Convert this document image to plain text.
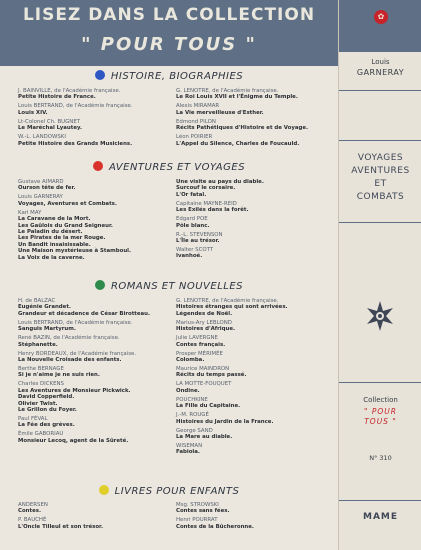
LISEZ DANS LA COLLECTION
" POUR TOUS "
HISTOIRE, BIOGRAPHIES
J. BAINVILLE, de l'Académie française.
Petite Histoire de France.
Louis BERTRAND, de l'Académie française.
Louis XIV.
Lt-Colonel Ch. BUGNET
Le Maréchal Lyautey.
W.-L. LANDOWSKI
Petite Histoire des Grands Musiciens.
G. LENOTRE, de l'Académie française.
Le Roi Louis XVII et l'Énigme du Temple.
Alexis MIRAMAR
La Vie merveilleuse d'Esther.
Edmond PILON
Récits Pathétiques d'Histoire et de Voyage.
Léon POIRIER
L'Appel du Silence, Charles de Foucauld.
AVENTURES ET VOYAGES
Gustave AIMARD
Ourson tête de fer.
Louis GARNERAY
Voyages, Aventures et Combats.
Karl MAY
La Caravane de la Mort.
Les Gaûlois du Grand Seigneur.
Le Paladin du désert.
Les Pirates de la mer Rouge.
Un Bandit insaisissable.
Une Maison mystérieuse à Stamboul.
La Voix de la caverne.
Une visite au pays du diable.
Surcouf le corsaire.
L'Or fatal.
Capitaine MAYNE-REID
Les Exilés dans la forêt.
Edgard POE
Pôle blanc.
R.-L. STEVENSON
L'Île au trésor.
Walter SCOTT
Ivanhoé.
ROMANS ET NOUVELLES
H. de BALZAC
Eugénie Grandet.
Grandeur et décadence de César Birotteau.
Louis BERTRAND, de l'Académie française.
Sanguis Martyrum.
René BAZIN, de l'Académie française.
Stéphanette.
Henry BORDEAUX, de l'Académie française.
La Nouvelle Croisade des enfants.
Berthe BERNAGE
Si je n'aime je ne suis rien.
Charles DICKENS
Les Aventures de Monsieur Pickwick.
David Copperfield.
Olivier Twist.
Le Grillon du Foyer.
Paul FÉVAL
La Fée des grèves.
Émile GABORIAU
Monsieur Lecoq, agent de la Sûreté.
G. LENOTRE, de l'Académie française.
Histoires étranges qui sont arrivées.
Légendes de Noël.
Marius-Ary LEBLOND
Histoires d'Afrique.
Julie LAVERGNE
Contes français.
Prosper MÉRIMÉE
Colomba.
Maurice MAINDRON
Récits du temps passé.
LA MOTTE-FOUQUET
Ondine.
POUCHKINE
La Fille du Capitaine.
J.-M. ROUGÉ
Histoires du Jardin de la France.
George SAND
La Mare au diable.
WISEMAN
Fabiola.
LIVRES POUR ENFANTS
ANDERSEN
Contes.
P. BAUCHÉ
L'Oncle Tilleul et son trésor.
Msg. STROWSKI
Contes sans fées.
Henri POURRAT
Contes de la Bûcheronne.
✿
Louis
GARNERAY
VOYAGES
AVENTURES
ET
COMBATS
Collection
" POUR
TOUS "
N° 310
MAME
